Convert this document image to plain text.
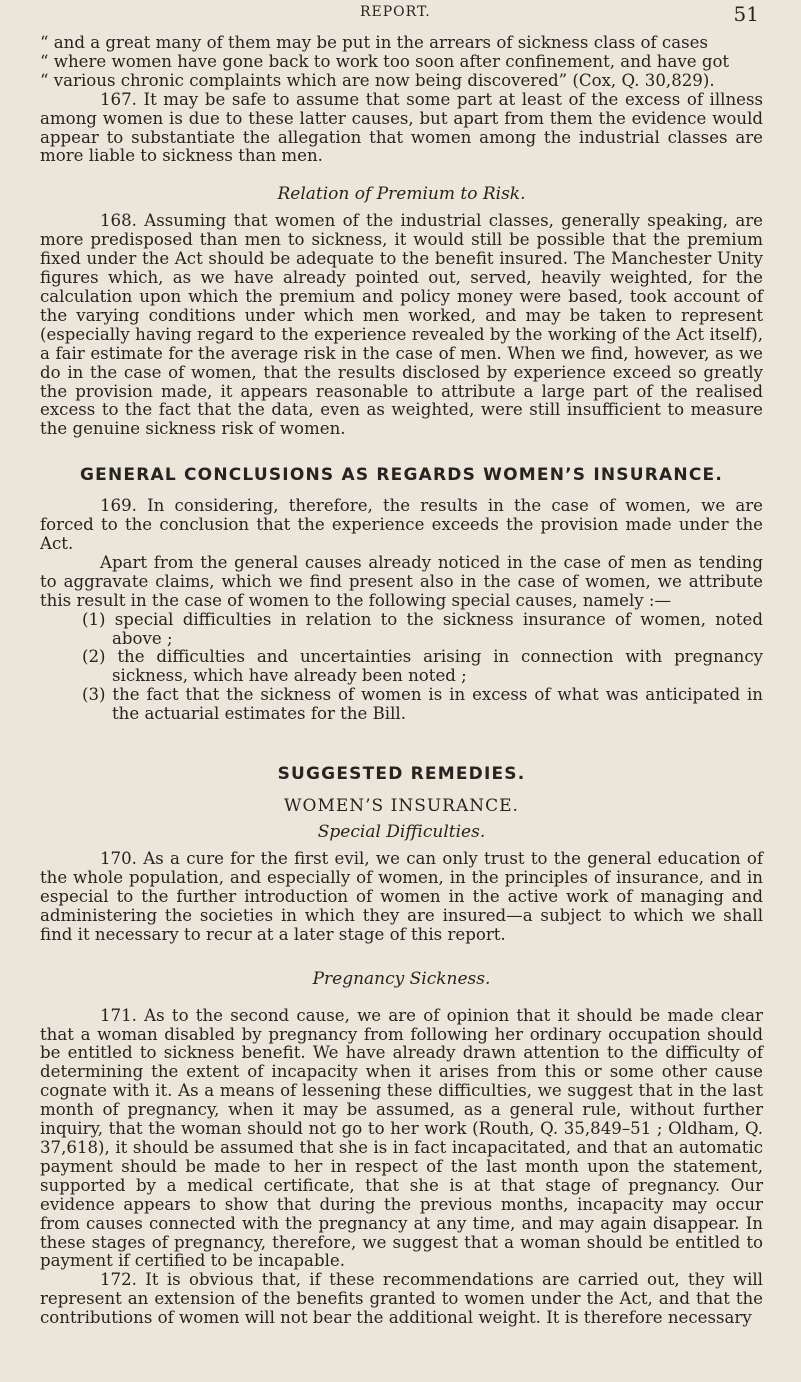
REPORT.	51

“ and a great many of them may be put in the arrears of sickness class of cases

“ where women have gone back to work too soon after confinement, and have got

“ various chronic complaints which are now being discovered” (Cox, Q. 30,829).

167. It may be safe to assume that some part at least of the excess of illness among women is due to these latter causes, but apart from them the evidence would appear to substantiate the allegation that women among the industrial classes are more liable to sickness than men.

Relation of Premium to Risk.

168. Assuming that women of the industrial classes, generally speaking, are more predisposed than men to sickness, it would still be possible that the premium fixed under the Act should be adequate to the benefit insured. The Manchester Unity figures which, as we have already pointed out, served, heavily weighted, for the calculation upon which the premium and policy money were based, took account of the varying conditions under which men worked, and may be taken to represent (especially having regard to the experience revealed by the working of the Act itself), a fair estimate for the average risk in the case of men. When we find, however, as we do in the case of women, that the results disclosed by experience exceed so greatly the provision made, it appears reasonable to attribute a large part of the realised excess to the fact that the data, even as weighted, were still insufficient to measure the genuine sickness risk of women.

GENERAL CONCLUSIONS AS REGARDS WOMEN’S INSURANCE.

169. In considering, therefore, the results in the case of women, we are forced to the conclusion that the experience exceeds the provision made under the Act.

Apart from the general causes already noticed in the case of men as tending to aggravate claims, which we find present also in the case of women, we attribute this result in the case of women to the following special causes, namely :—

(1) special difficulties in relation to the sickness insurance of women, noted above ;
(2) the difficulties and uncertainties arising in connection with pregnancy sickness, which have already been noted ;
(3) the fact that the sickness of women is in excess of what was anticipated in the actuarial estimates for the Bill.
SUGGESTED REMEDIES.
WOMEN’S INSURANCE.
Special Difficulties.

170. As a cure for the first evil, we can only trust to the general education of the whole population, and especially of women, in the principles of insurance, and in especial to the further introduction of women in the active work of managing and administering the societies in which they are insured—a subject to which we shall find it necessary to recur at a later stage of this report.

Pregnancy Sickness.

171. As to the second cause, we are of opinion that it should be made clear that a woman disabled by pregnancy from following her ordinary occupation should be entitled to sickness benefit. We have already drawn attention to the difficulty of determining the extent of incapacity when it arises from this or some other cause cognate with it. As a means of lessening these difficulties, we suggest that in the last month of pregnancy, when it may be assumed, as a general rule, without further inquiry, that the woman should not go to her work (Routh, Q. 35,849–51 ; Oldham, Q. 37,618), it should be assumed that she is in fact incapacitated, and that an automatic payment should be made to her in respect of the last month upon the statement, supported by a medical certificate, that she is at that stage of pregnancy. Our evidence appears to show that during the previous months, incapacity may occur from causes connected with the pregnancy at any time, and may again disappear. In these stages of pregnancy, therefore, we suggest that a woman should be entitled to payment if certified to be incapable.

172. It is obvious that, if these recommendations are carried out, they will represent an extension of the benefits granted to women under the Act, and that the contributions of women will not bear the additional weight. It is therefore necessary
